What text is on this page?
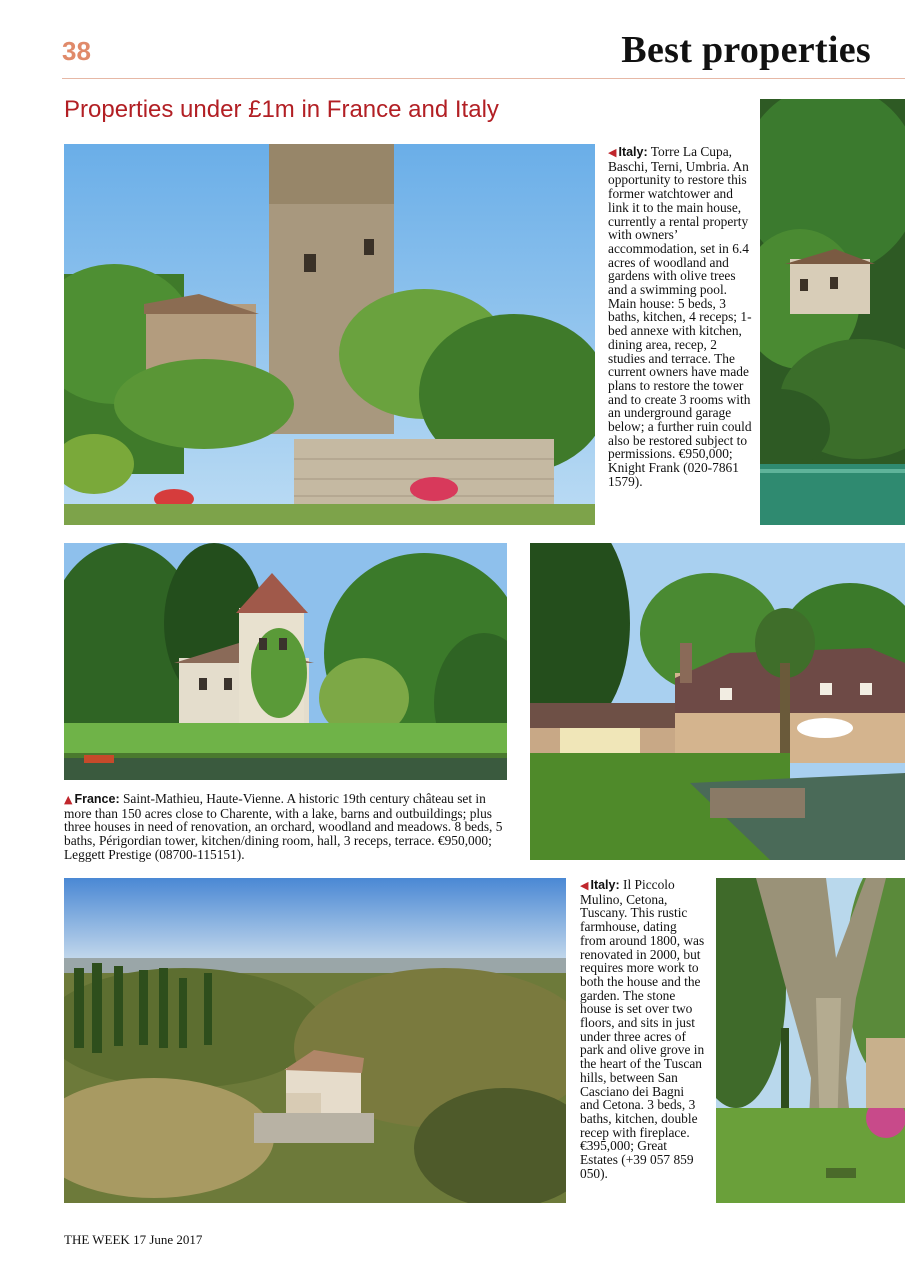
38	Best properties
Properties under £1m in France and Italy
◀ Italy: Torre La Cupa, Baschi, Terni, Umbria. An opportunity to restore this former watchtower and link it to the main house, currently a rental property with owners’ accommodation, set in 6.4 acres of woodland and gardens with olive trees and a swimming pool. Main house: 5 beds, 3 baths, kitchen, 4 receps; 1-bed annexe with kitchen, dining area, recep, 2 studies and terrace. The current owners have made plans to restore the tower and to create 3 rooms with an underground garage below; a further ruin could also be restored subject to permissions. €950,000; Knight Frank (020-7861 1579).
▲ France: Saint-Mathieu, Haute-Vienne. A historic 19th century château set in more than 150 acres close to Charente, with a lake, barns and outbuildings; plus three houses in need of renovation, an orchard, woodland and meadows. 8 beds, 5 baths, Périgordian tower, kitchen/dining room, hall, 3 receps, terrace. €950,000; Leggett Prestige (08700-115151).
◀ Italy: Il Piccolo Mulino, Cetona, Tuscany. This rustic farmhouse, dating from around 1800, was renovated in 2000, but requires more work to both the house and the garden. The stone house is set over two floors, and sits in just under three acres of park and olive grove in the heart of the Tuscan hills, between San Casciano dei Bagni and Cetona. 3 beds, 3 baths, kitchen, double recep with fireplace. €395,000; Great Estates (+39 057 859 050).
THE WEEK 17 June 2017
